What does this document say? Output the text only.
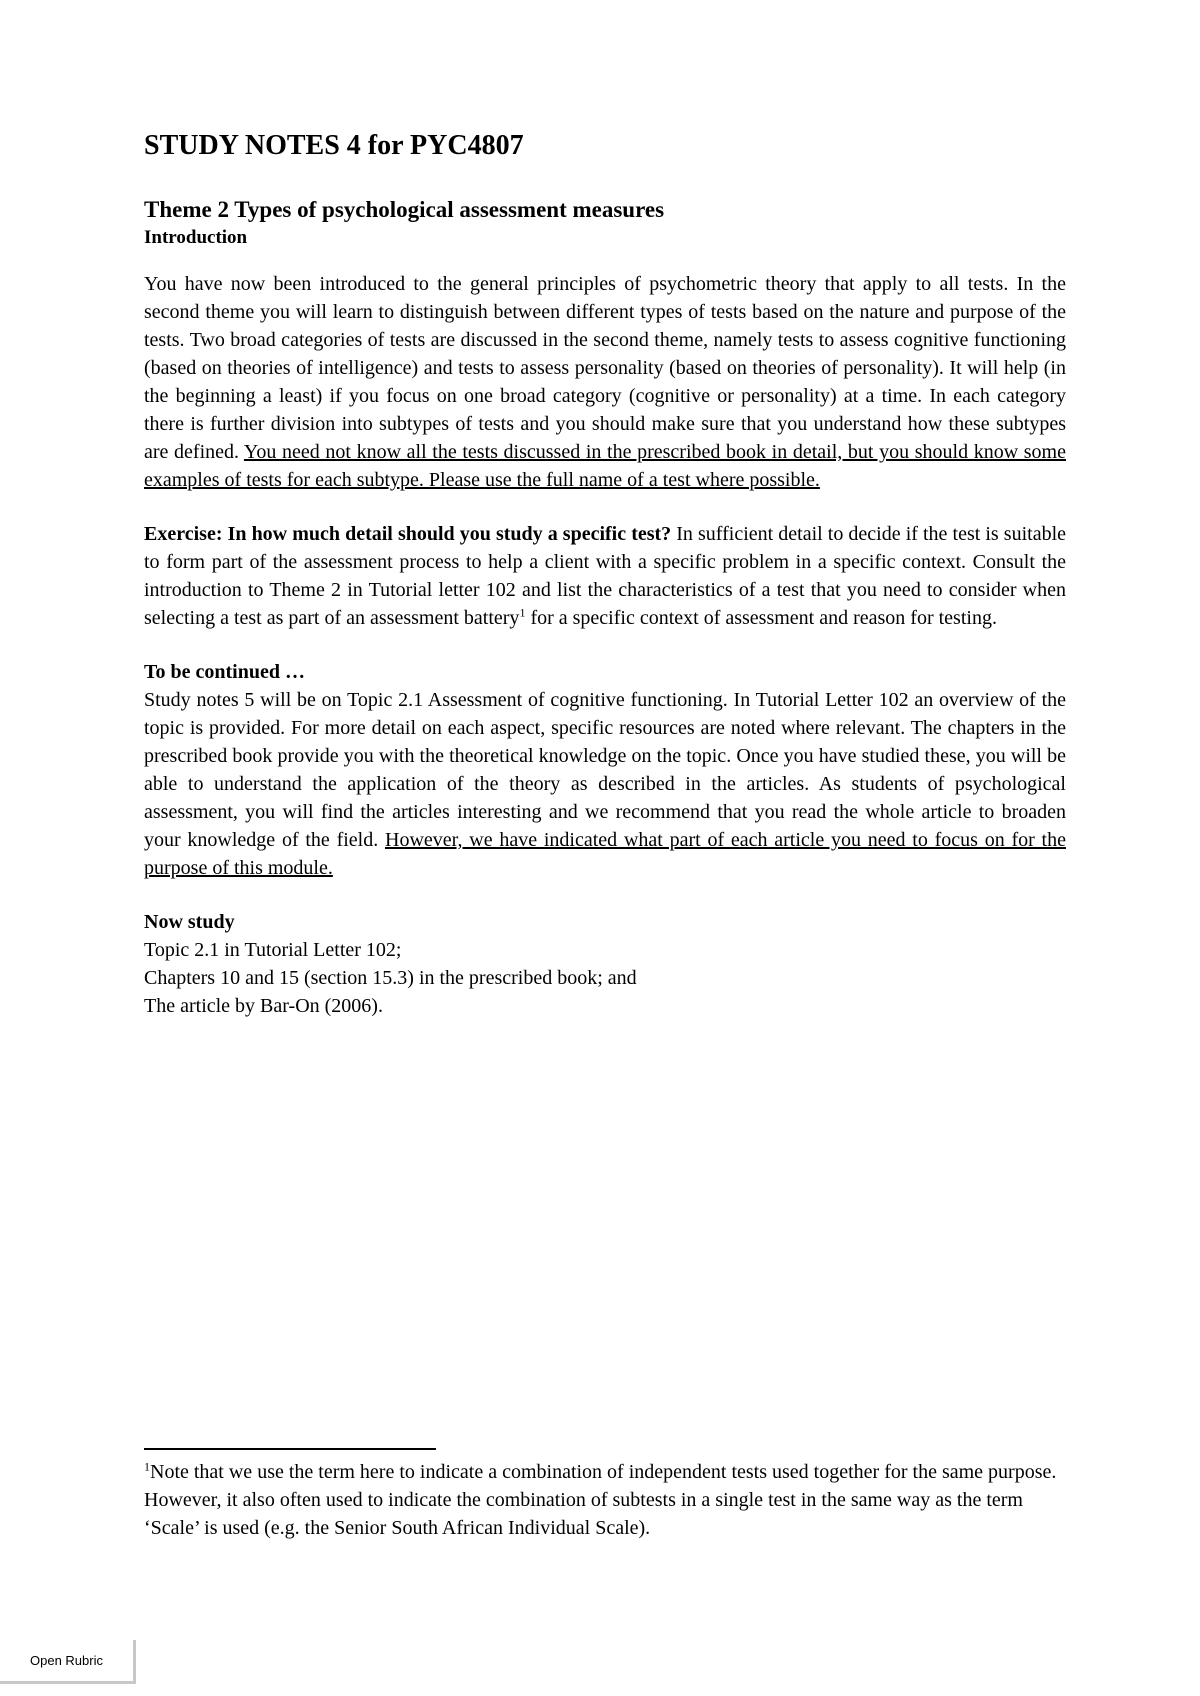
STUDY NOTES 4 for PYC4807
Theme 2 Types of psychological assessment measures
Introduction

You have now been introduced to the general principles of psychometric theory that apply to all tests. In the second theme you will learn to distinguish between different types of tests based on the nature and purpose of the tests. Two broad categories of tests are discussed in the second theme, namely tests to assess cognitive functioning (based on theories of intelligence) and tests to assess personality (based on theories of personality). It will help (in the beginning a least) if you focus on one broad category (cognitive or personality) at a time. In each category there is further division into subtypes of tests and you should make sure that you understand how these subtypes are defined. You need not know all the tests discussed in the prescribed book in detail, but you should know some examples of tests for each subtype. Please use the full name of a test where possible.

Exercise: In how much detail should you study a specific test? In sufficient detail to decide if the test is suitable to form part of the assessment process to help a client with a specific problem in a specific context. Consult the introduction to Theme 2 in Tutorial letter 102 and list the characteristics of a test that you need to consider when selecting a test as part of an assessment battery$^1$ for a specific context of assessment and reason for testing.

To be continued …

Study notes 5 will be on Topic 2.1 Assessment of cognitive functioning. In Tutorial Letter 102 an overview of the topic is provided. For more detail on each aspect, specific resources are noted where relevant. The chapters in the prescribed book provide you with the theoretical knowledge on the topic. Once you have studied these, you will be able to understand the application of the theory as described in the articles. As students of psychological assessment, you will find the articles interesting and we recommend that you read the whole article to broaden your knowledge of the field. However, we have indicated what part of each article you need to focus on for the purpose of this module.

Now study
Topic 2.1 in Tutorial Letter 102;
Chapters 10 and 15 (section 15.3) in the prescribed book; and
The article by Bar-On (2006).
$^1$Note that we use the term here to indicate a combination of independent tests used together for the same purpose. However, it also often used to indicate the combination of subtests in a single test in the same way as the term ‘Scale’ is used (e.g. the Senior South African Individual Scale).
Open Rubric
